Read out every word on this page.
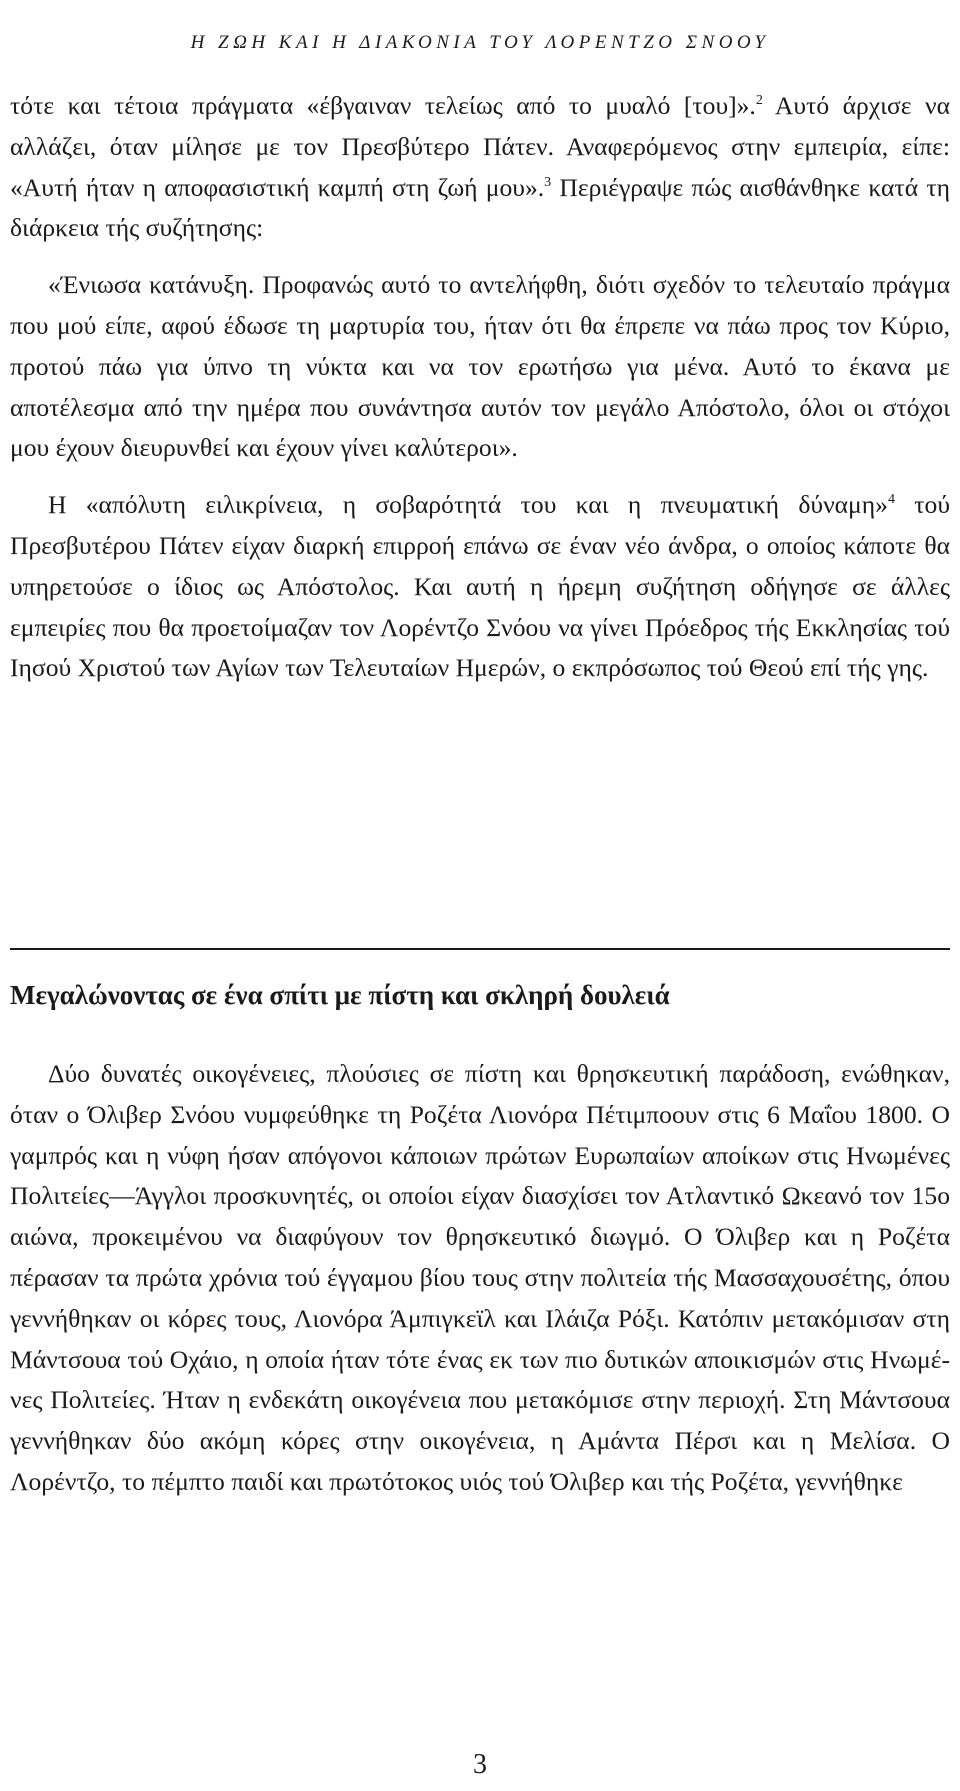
Η ΖΩΗ ΚΑΙ Η ΔΙΑΚΟΝΙΑ ΤΟΥ ΛΟΡΕΝΤΖΟ ΣΝΟΟΥ

τότε και τέτοια πράγματα «έβγαιναν τελείως από το μυαλό [του]».$^2$ Αυτό άρχισε να αλλάζει, όταν μίλησε με τον Πρεσβύτερο Πάτεν. Αναφερόμενος στην εμπειρία, είπε: «Αυτή ήταν η αποφασιστική καμπή στη ζωή μου».$^3$ Περιέγραψε πώς αισθάνθηκε κατά τη διάρκεια τής συζήτησης:

«Ένιωσα κατάνυξη. Προφανώς αυτό το αντελήφθη, διότι σχεδόν το τελευταίο πράγμα που μού είπε, αφού έδωσε τη μαρτυρία του, ήταν ότι θα έπρεπε να πάω προς τον Κύριο, προτού πάω για ύπνο τη νύκτα και να τον ερωτήσω για μένα. Αυτό το έκανα με αποτέλεσμα από την ημέρα που συνάντησα αυτόν τον μεγάλο Απόστολο, όλοι οι στόχοι μου έχουν διευρυνθεί και έχουν γίνει καλύτεροι».

Η «απόλυτη ειλικρίνεια, η σοβαρότητά του και η πνευματική δύναμη»$^4$ τού Πρεσβυτέρου Πάτεν είχαν διαρκή επιρροή επάνω σε έναν νέο άνδρα, ο οποίος κάποτε θα υπηρετούσε ο ίδιος ως Απόστολος. Και αυτή η ήρεμη συζήτηση οδήγησε σε άλλες εμπειρίες που θα προετοίμαζαν τον Λορέντζο Σνόου να γίνει Πρόεδρος τής Εκκλησίας τού Ιησού Χριστού των Αγίων των Τελευταίων Ημερών, ο εκπρόσωπος τού Θεού επί τής γης.

Μεγαλώνοντας σε ένα σπίτι με πίστη και σκληρή δουλειά

Δύο δυνατές οικογένειες, πλούσιες σε πίστη και θρησκευτική παράδοση, ενώθηκαν, όταν ο Όλιβερ Σνόου νυμφεύθηκε τη Ροζέτα Λιονόρα Πέτιμποουν στις 6 Μαΐου 1800. Ο γαμπρός και η νύφη ήσαν απόγονοι κάποιων πρώτων Ευρωπαίων αποίκων στις Ηνωμένες Πολιτείες—Άγγλοι προσκυνητές, οι οποίοι είχαν διασχίσει τον Ατλαντικό Ωκεανό τον 15ο αιώνα, προκειμένου να διαφύγουν τον θρησκευτικό διωγμό. Ο Όλιβερ και η Ροζέτα πέρασαν τα πρώτα χρόνια τού έγγαμου βίου τους στην πολιτεία τής Μασσαχουσέτης, όπου γεννήθηκαν οι κόρες τους, Λιονόρα Άμπιγκεϊλ και Ιλάιζα Ρόξι. Κατόπιν μετακόμισαν στη Μάντσουα τού Οχάιο, η οποία ήταν τότε ένας εκ των πιο δυτικών αποικισμών στις Ηνωμένες Πολιτείες. Ήταν η ενδεκάτη οικογένεια που μετακόμισε στην περιοχή. Στη Μάντσουα γεννήθηκαν δύο ακόμη κόρες στην οικογένεια, η Αμάντα Πέρσι και η Μελίσα. Ο Λορέντζο, το πέμπτο παιδί και πρωτότοκος υιός τού Όλιβερ και τής Ροζέτα, γεννήθηκε

3
